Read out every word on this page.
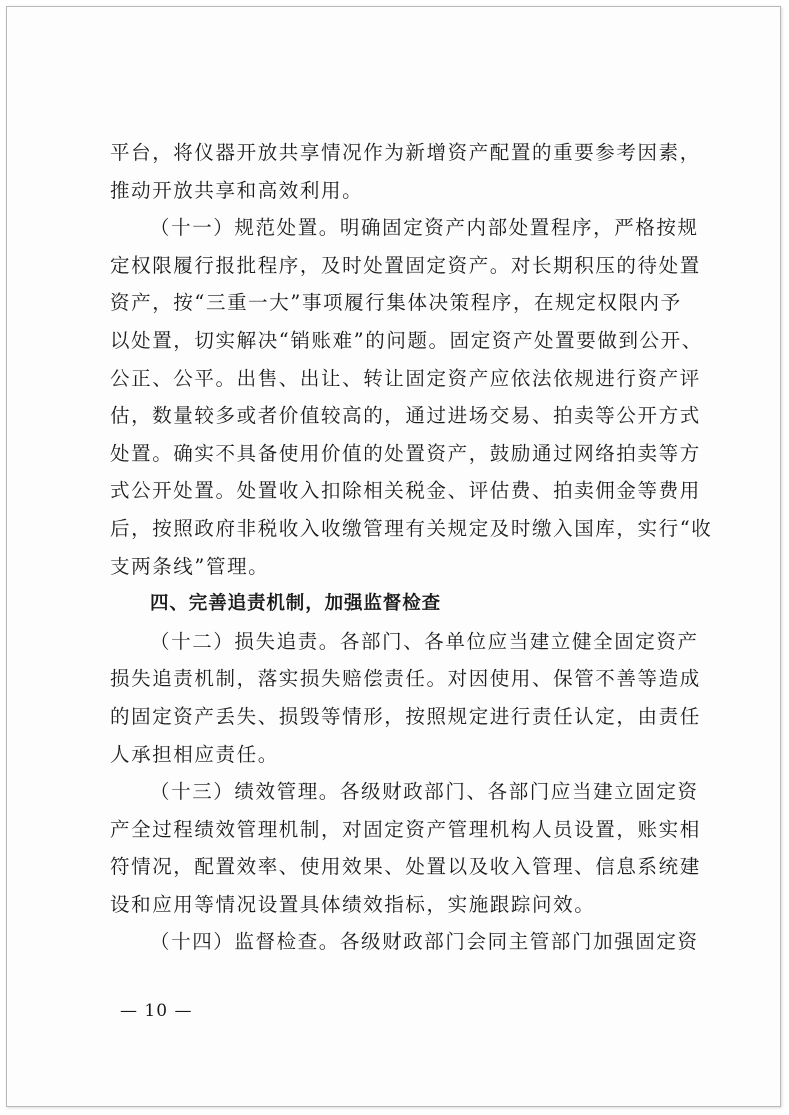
平台，将仪器开放共享情况作为新增资产配置的重要参考因素，
推动开放共享和高效利用。
（十一）规范处置。明确固定资产内部处置程序，严格按规
定权限履行报批程序，及时处置固定资产。对长期积压的待处置
资产，按“三重一大”事项履行集体决策程序，在规定权限内予
以处置，切实解决“销账难”的问题。固定资产处置要做到公开、
公正、公平。出售、出让、转让固定资产应依法依规进行资产评
估，数量较多或者价值较高的，通过进场交易、拍卖等公开方式
处置。确实不具备使用价值的处置资产，鼓励通过网络拍卖等方
式公开处置。处置收入扣除相关税金、评估费、拍卖佣金等费用
后，按照政府非税收入收缴管理有关规定及时缴入国库，实行“收
支两条线”管理。
四、完善追责机制，加强监督检查
（十二）损失追责。各部门、各单位应当建立健全固定资产
损失追责机制，落实损失赔偿责任。对因使用、保管不善等造成
的固定资产丢失、损毁等情形，按照规定进行责任认定，由责任
人承担相应责任。
（十三）绩效管理。各级财政部门、各部门应当建立固定资
产全过程绩效管理机制，对固定资产管理机构人员设置，账实相
符情况，配置效率、使用效果、处置以及收入管理、信息系统建
设和应用等情况设置具体绩效指标，实施跟踪问效。
（十四）监督检查。各级财政部门会同主管部门加强固定资
— 10 —
